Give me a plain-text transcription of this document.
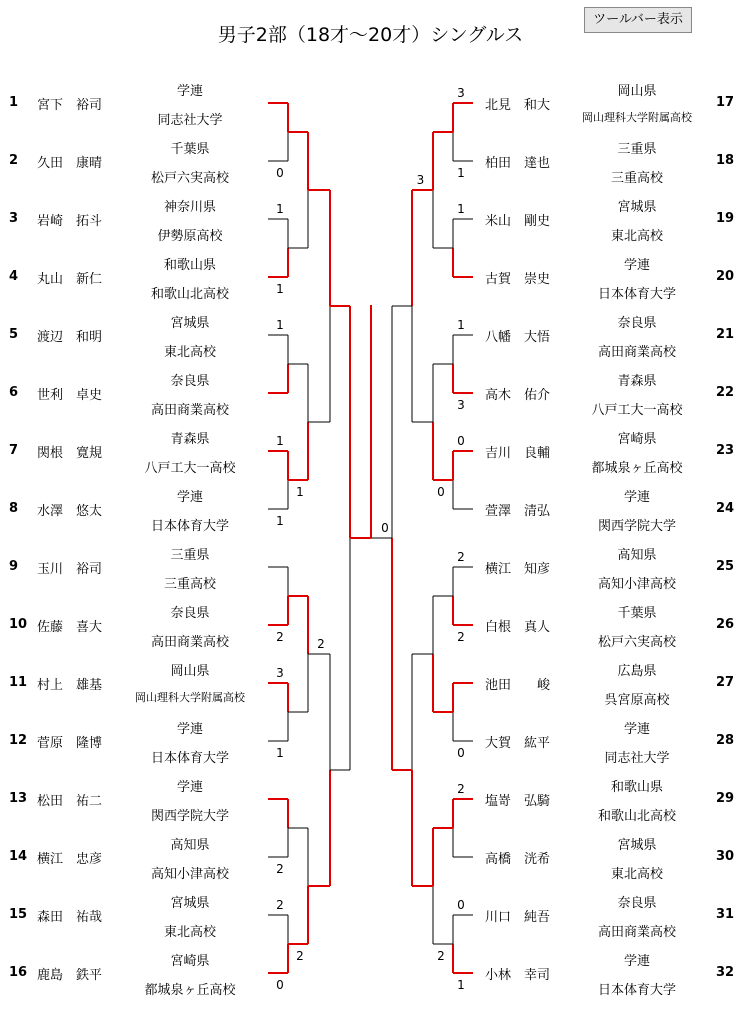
男子2部（18才〜20才）シングルス
ツールバー表示
0
1
1
1
1
1
2
3
1
2
2
0
1
2
2
3
1
1
1
3
0
2
2
0
2
0
1
0
2
3
0
1 宮下　裕司
学連
同志社大学
2 久田　康晴
千葉県
松戸六実高校
3 岩崎　拓斗
神奈川県
伊勢原高校
4 丸山　新仁
和歌山県
和歌山北高校
5 渡辺　和明
宮城県
東北高校
6 世利　卓史
奈良県
高田商業高校
7 関根　寛規
青森県
八戸工大一高校
8 水澤　悠太
学連
日本体育大学
9 玉川　裕司
三重県
三重高校
10 佐藤　喜大
奈良県
高田商業高校
11 村上　雄基
岡山県
岡山理科大学附属高校
12 菅原　隆博
学連
日本体育大学
13 松田　祐二
学連
関西学院大学
14 横江　忠彦
高知県
高知小津高校
15 森田　祐哉
宮城県
東北高校
16 鹿島　鉄平
宮崎県
都城泉ヶ丘高校
北見　和大
岡山県
岡山理科大学附属高校
17
柏田　達也
三重県
三重高校
18
米山　剛史
宮城県
東北高校
19
古賀　崇史
学連
日本体育大学
20
八幡　大悟
奈良県
高田商業高校
21
高木　佑介
青森県
八戸工大一高校
22
吉川　良輔
宮崎県
都城泉ヶ丘高校
23
萱澤　清弘
学連
関西学院大学
24
横江　知彦
高知県
高知小津高校
25
白根　真人
千葉県
松戸六実高校
26
池田　　峻
広島県
呉宮原高校
27
大賀　紘平
学連
同志社大学
28
塩嵜　弘騎
和歌山県
和歌山北高校
29
高橋　洸希
宮城県
東北高校
30
川口　純吾
奈良県
高田商業高校
31
小林　幸司
学連
日本体育大学
32
